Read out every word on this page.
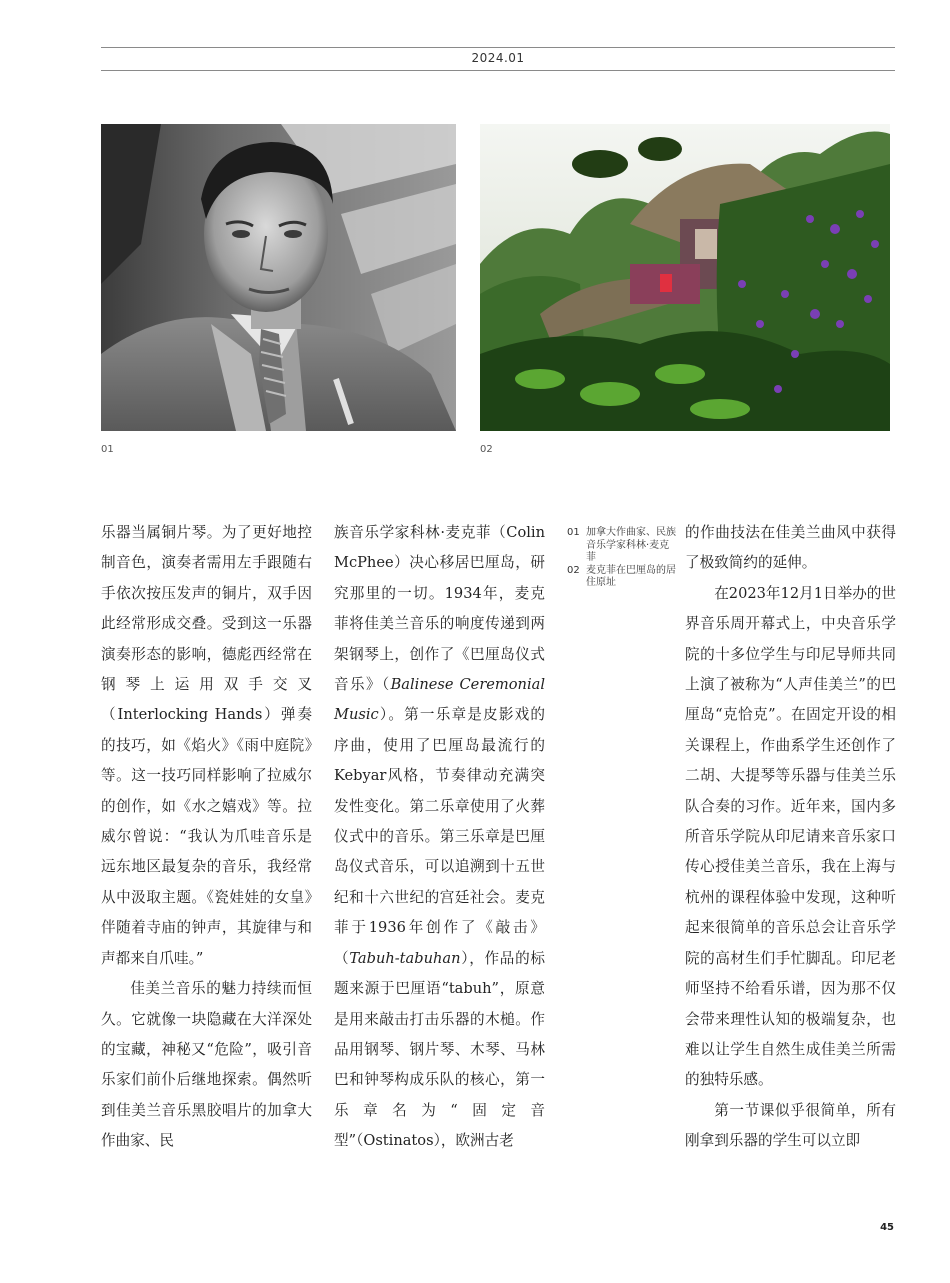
2024.01
01	02

乐器当属铜片琴。为了更好地控制音色，演奏者需用左手跟随右手依次按压发声的铜片，双手因此经常形成交叠。受到这一乐器演奏形态的影响，德彪西经常在钢琴上运用双手交叉（Interlocking Hands）弹奏的技巧，如《焰火》《雨中庭院》等。这一技巧同样影响了拉威尔的创作，如《水之嬉戏》等。拉威尔曾说：“我认为爪哇音乐是远东地区最复杂的音乐，我经常从中汲取主题。《瓷娃娃的女皇》伴随着寺庙的钟声，其旋律与和声都来自爪哇。”

佳美兰音乐的魅力持续而恒久。它就像一块隐藏在大洋深处的宝藏，神秘又“危险”，吸引音乐家们前仆后继地探索。偶然听到佳美兰音乐黑胶唱片的加拿大作曲家、民

族音乐学家科林·麦克菲（Colin McPhee）决心移居巴厘岛，研究那里的一切。1934年，麦克菲将佳美兰音乐的响度传递到两架钢琴上，创作了《巴厘岛仪式音乐》（Balinese Ceremonial Music）。第一乐章是皮影戏的序曲，使用了巴厘岛最流行的Kebyar风格，节奏律动充满突发性变化。第二乐章使用了火葬仪式中的音乐。第三乐章是巴厘岛仪式音乐，可以追溯到十五世纪和十六世纪的宫廷社会。麦克菲于1936年创作了《敲击》（Tabuh-tabuhan），作品的标题来源于巴厘语“tabuh”，原意是用来敲击打击乐器的木槌。作品用钢琴、钢片琴、木琴、马林巴和钟琴构成乐队的核心，第一乐章名为“固定音型”（Ostinatos），欧洲古老

01 加拿大作曲家、民族音乐学家科林·麦克菲
02 麦克菲在巴厘岛的居住原址

的作曲技法在佳美兰曲风中获得了极致简约的延伸。

在2023年12月1日举办的世界音乐周开幕式上，中央音乐学院的十多位学生与印尼导师共同上演了被称为“人声佳美兰”的巴厘岛“克恰克”。在固定开设的相关课程上，作曲系学生还创作了二胡、大提琴等乐器与佳美兰乐队合奏的习作。近年来，国内多所音乐学院从印尼请来音乐家口传心授佳美兰音乐，我在上海与杭州的课程体验中发现，这种听起来很简单的音乐总会让音乐学院的高材生们手忙脚乱。印尼老师坚持不给看乐谱，因为那不仅会带来理性认知的极端复杂，也难以让学生自然生成佳美兰所需的独特乐感。

第一节课似乎很简单，所有刚拿到乐器的学生可以立即

45
